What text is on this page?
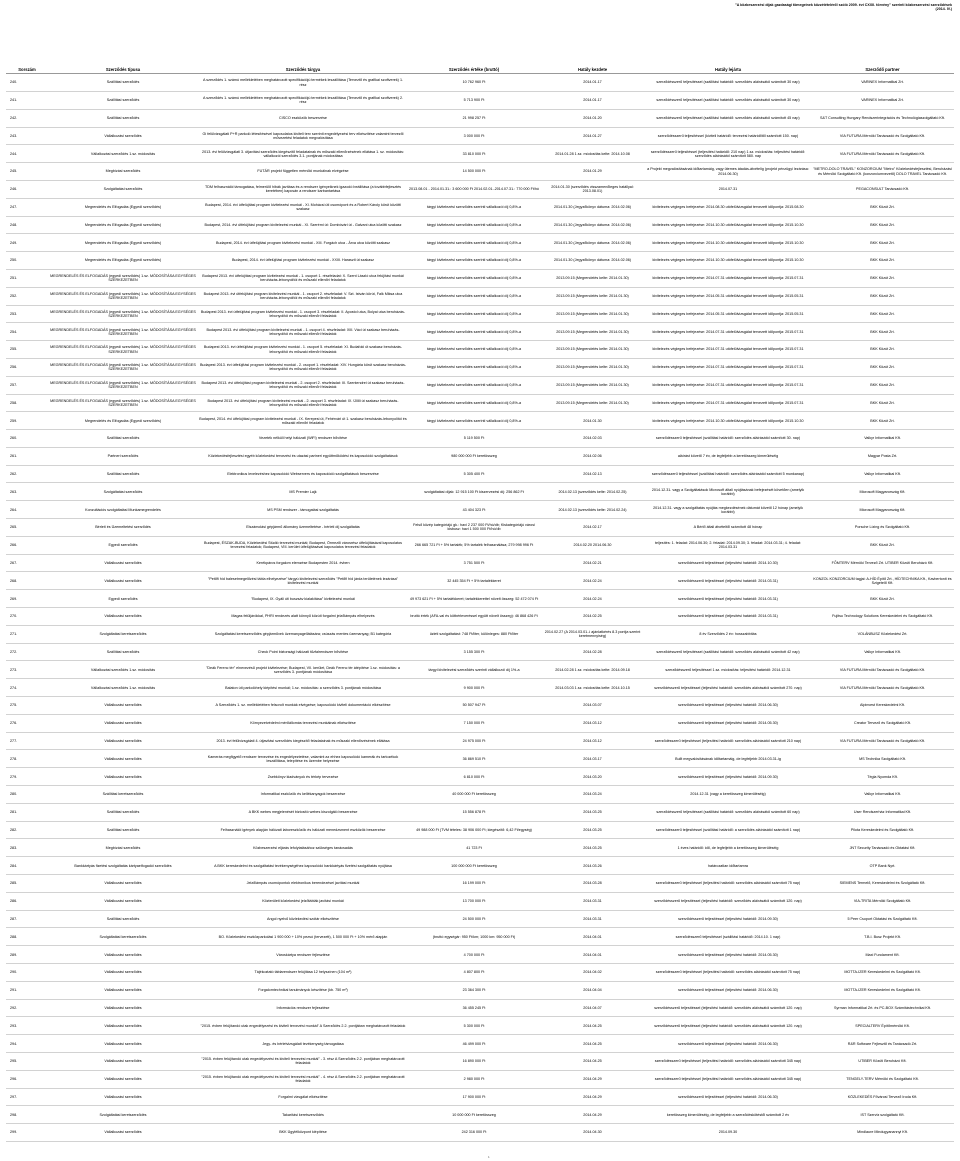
"A közbeszerzési díjak gazdasági tömegeinek közzétételéről szóló 2009. évi CXXII. törvény" szerinti közbeszerzési szerződések
(2014. IV.)
Sorszám	Szerződés típusa	Szerződés tárgya	Szerződés értéke (bruttó)	Hatály kezdete	Hatály lejárta	Szerződő partner
240.	Szállítási szerződés	A szerződés 1. számú mellékletében meghatározott specifikációjú termékek leszállítása (Terveztő és grafikai szoftverek) 1. rész	10 762 960 Ft	2014.01.17	szerződésszerű teljesítéssel (szállítási határidő: szerződés aláírásától számított 30 nap)	VARINEX Informatikai Zrt.
241.	Szállítási szerződés	A szerződés 1. számú mellékletében meghatározott specifikációjú termékek leszállítása (Terveztő és grafikai szoftverek) 2. rész	5 713 900 Ft	2014.01.17	szerződésszerű teljesítéssel (szállítási határidő: szerződés aláírásától számított 30 nap)	VARINEX Informatikai Zrt.
242.	Szállítási szerződés	CISCO eszközök beszerzése	21 998 257 Ft	2014.01.20	szerződésszerű teljesítéssel (szállítási határidő: szerződés aláírásától számított 45 nap)	S&T Consulting Hungary Rendszerintegrációs és Technológiaszolgáltató Kft.
243.	Vállalkozási szerződés	Gi felülvizsgálati P+R parkoló létesítésével kapcsolatos kiviteli terv szerinti engedélyezési terv elkészítése valamint tervezői művezetési feladatok megvalósítása	3 000 000 Ft	2014.01.27	szerződésszerű teljesítéssel (kiviteli határidő: tervezési határidőtől számított 150. nap)	VIA FUTURA Mérnöki Tanácsadó és Szolgáltató Kft.
244.	Vállalkozási szerződés 1.sz. módosítás	2013. évi felülvizsgálati 3. útjavítási szerződés kiegészítő feladatainak és műszaki ellenőrzésének ellátása 1. sz. módosítás: vállalkozói szerződés 3.1. pontjának módosítása	33 810 000 Ft	2014.01.28 1.sz. módosítás kelte: 2014.10.08	szerződésszerű teljesítéssel (teljesítési határidő: 210 nap) 1.sz. módosítás: teljesítési határidő: szerződés aláírásától számított 580. nap	VIA FUTURA Mérnöki Tanácsadó és Szolgáltató Kft.
245.	Megbízási szerződés	FUTÁR projekt független mérnöki munkáinak elvégzése	14 500 000 Ft	2014.01.29	a Projekt megvalósításának időtartamáig, vagy ütemes átadás-átvételig (projekt pénzügyi lezárása: 2014.06.30)	"METRO-DOLO TRAVEL" KONZORCIUM "Metro" Közlekedésfejlesztési, Beruházási és Mérnöki Szolgáltató Kft. (konzorciumvezető) DOLO TRAVEL Tanácsadó Kft.
246.	Szolgáltatási szerződés	TDM felhasználói támogatása, felmerülő hibák javítása és a rendszer igényeiknek igazodó beállítása (a továbbfejlesztés keretében) kapcsán a rendszer karbantartása	2013.08.01 - 2014.01.31.: 3 600 000 Ft 2014.02.01.-2014.07.31.: 770 000 Ft/hó	2014.01.30 (szerződés visszamenőleges hatállyal: 2013.08.01)	2014.07.31	PEGACONSULT Tanácsadó Kft.
247.	Megrendelés és Elfogadás (Egyedi szerződés)	Budapest, 2014. évi útfelújítási program kivitelezési munkái - XI. Mohácsi úti csomópont és a Robert Károly körút közötti szakasz	tárgyi kivitelezési szerződés szerinti vállalkozói díj 0,8%-a	2014.01.30 (Jegyzőkönyv dátuma: 2014.02.06)	kivitelezés végleges befejezése: 2014.08.30 utófelülvizsgálat tervezett időpontja: 2015.08.30	BKK Közút Zrt.
248.	Megrendelés és Elfogadás (Egyedi szerződés)	Budapest, 2014. évi útfelújítási program kivitelezési munkái - XI. Szerémi út: Dombóvári út - Galvani utca közötti szakasz	tárgyi kivitelezési szerződés szerinti vállalkozói díj 0,8%-a	2014.01.30 (Jegyzőkönyv dátuma: 2014.02.06)	kivitelezés végleges befejezése: 2014.10.30 utófelülvizsgálat tervezett időpontja: 2015.10.30	BKK Közút Zrt.
249.	Megrendelés és Elfogadás (Egyedi szerződés)	Budapest, 2014. évi útfelújítási program kivitelezési munkái - XIII. Forgách utca - Árva utca közötti szakasz	tárgyi kivitelezési szerződés szerinti vállalkozói díj 0,8%-a	2014.01.30 (Jegyzőkönyv dátuma: 2014.02.06)	kivitelezés végleges befejezése: 2014.10.30 utófelülvizsgálat tervezett időpontja: 2015.10.30	BKK Közút Zrt.
250.	Megrendelés és Elfogadás (Egyedi szerződés)	Budapest, 2014. évi útfelújítási program kivitelezési munkái - XXIII. Haraszti út szakasz	tárgyi kivitelezési szerződés szerinti vállalkozói díj 0,8%-a	2014.01.30 (Jegyzőkönyv dátuma: 2014.02.06)	kivitelezés végleges befejezése: 2014.10.30 utófelülvizsgálat tervezett időpontja: 2015.10.30	BKK Közút Zrt.
251.	MEGRENDELÉS ÉS ELFOGADÁS (egyedi szerződés) 1.sz. MÓDOSÍTÁSA EGYSÉGES SZERKEZETBEN	Budapest 2013. évi útfelújítási program kivitelezési munkái - 1. csoport 1. részfeladat: X. Szent László utca felújítási munkái beruházás-lebonyolítói és műszaki ellenőri feladatok	tárgyi kivitelezési szerződés szerinti vállalkozói díj 0,8%-a	2013.09.15 (Megrendelés kelte: 2014.01.30)	kivitelezés végleges befejezése: 2014.07.31 utófelülvizsgálat tervezett időpontja: 2015.07.31	BKK Közút Zrt.
252.	MEGRENDELÉS ÉS ELFOGADÁS (egyedi szerződés) 1.sz. MÓDOSÍTÁSA EGYSÉGES SZERKEZETBEN	Budapest 2013. évi útfelújítási program kivitelezési munkái - 1. csoport 2. részfeladat: V. Szt. István körút, Falk Miksa utca beruházás-lebonyolítói és műszaki ellenőri feladatok	tárgyi kivitelezési szerződés szerinti vállalkozói díj 0,8%-a	2013.09.15 (Megrendelés kelte: 2014.01.30)	kivitelezés végleges befejezése: 2014.05.31 utófelülvizsgálat tervezett időpontja: 2015.05.31	BKK Közút Zrt.
253.	MEGRENDELÉS ÉS ELFOGADÁS (egyedi szerződés) 1.sz. MÓDOSÍTÁSA EGYSÉGES SZERKEZETBEN	Budapest 2013. évi útfelújítási program kivitelezési munkái - 1. csoport 3. részfeladat: II. Apostol utca, Bolyai utca beruházás-lebonyolítói és műszaki ellenőri feladatok	tárgyi kivitelezési szerződés szerinti vállalkozói díj 0,8%-a	2013.09.15 (Megrendelés kelte: 2014.01.30)	kivitelezés végleges befejezése: 2014.05.31 utófelülvizsgálat tervezett időpontja: 2015.05.31	BKK Közút Zrt.
254.	MEGRENDELÉS ÉS ELFOGADÁS (egyedi szerződés) 1.sz. MÓDOSÍTÁSA EGYSÉGES SZERKEZETBEN	Budapest 2013. évi útfelújítási program kivitelezési munkái - 1. csoport 4. részfeladat: XIII. Váci út szakasz beruházás-lebonyolítói és műszaki ellenőri feladatok	tárgyi kivitelezési szerződés szerinti vállalkozói díj 0,8%-a	2013.09.15 (Megrendelés kelte: 2014.01.30)	kivitelezés végleges befejezése: 2014.07.31 utófelülvizsgálat tervezett időpontja: 2015.07.31	BKK Közút Zrt.
255.	MEGRENDELÉS ÉS ELFOGADÁS (egyedi szerződés) 1.sz. MÓDOSÍTÁSA EGYSÉGES SZERKEZETBEN	Budapest 2013. évi útfelújítási program kivitelezési munkái - 1. csoport 5. részfeladat: XI. Budafoki út szakasz beruházás-lebonyolítói és műszaki ellenőri feladatok	tárgyi kivitelezési szerződés szerinti vállalkozói díj 0,8%-a	2013.09.15 (Megrendelés kelte: 2014.01.30)	kivitelezés végleges befejezése: 2014.07.31 utófelülvizsgálat tervezett időpontja: 2015.07.31	BKK Közút Zrt.
256.	MEGRENDELÉS ÉS ELFOGADÁS (egyedi szerződés) 1.sz. MÓDOSÍTÁSA EGYSÉGES SZERKEZETBEN	Budapest 2013. évi útfelújítási program kivitelezési munkái - 2. csoport 1. részfeladat: XIV. Hungária körút szakasz beruházás-lebonyolítói és műszaki ellenőri feladatok	tárgyi kivitelezési szerződés szerinti vállalkozói díj 0,8%-a	2013.09.15 (Megrendelés kelte: 2014.01.30)	kivitelezés végleges befejezése: 2014.07.31 utófelülvizsgálat tervezett időpontja: 2015.07.31	BKK Közút Zrt.
257.	MEGRENDELÉS ÉS ELFOGADÁS (egyedi szerződés) 1.sz. MÓDOSÍTÁSA EGYSÉGES SZERKEZETBEN	Budapest 2013. évi útfelújítási program kivitelezési munkái - 2. csoport 2. részfeladat: III. Szentendrei út szakasz beruházás-lebonyolítói és műszaki ellenőri feladatok	tárgyi kivitelezési szerződés szerinti vállalkozói díj 0,8%-a	2013.09.15 (Megrendelés kelte: 2014.01.30)	kivitelezés végleges befejezése: 2014.07.31 utófelülvizsgálat tervezett időpontja: 2015.07.31	BKK Közút Zrt.
258.	MEGRENDELÉS ÉS ELFOGADÁS (egyedi szerződés) 1.sz. MÓDOSÍTÁSA EGYSÉGES SZERKEZETBEN	Budapest 2013. évi útfelújítási program kivitelezési munkái - 2. csoport 3. részfeladat: IX. Üllői út szakasz beruházás-lebonyolítói és műszaki ellenőri feladatok	tárgyi kivitelezési szerződés szerinti vállalkozói díj 0,8%-a	2013.09.15 (Megrendelés kelte: 2014.01.30)	kivitelezés végleges befejezése: 2014.07.31 utófelülvizsgálat tervezett időpontja: 2015.07.31	BKK Közút Zrt.
259.	Megrendelés és Elfogadás (Egyedi szerződés)	Budapest, 2014. évi útfelújítási program kivitelezési munkái - IX. Kerepesi út, Fehérvári út 1. szakasz beruházás-lebonyolítói és műszaki ellenőri feladatok	tárgyi kivitelezési szerződés szerinti vállalkozói díj 0,8%-a	2014.01.30	kivitelezés végleges befejezése: 2014.10.30 utófelülvizsgálat tervezett időpontja: 2015.10.30	BKK Közút Zrt.
260.	Szállítási szerződés	Vezeték nélküli helyi hálózati (WiFi) rendszer bővítése	5 119 500 Ft	2014.02.03	szerződésszerű teljesítéssel (szállítási határidő: szerződés aláírásától számított 30. nap)	Valkyr Informatikai Kft.
261.	Partneri szerződés	Közlekedésfejlesztési egyéb közlekedési tervezési és utazási partneri együttműködési és kapcsolódó szolgáltatások	980 000 000 Ft keretösszeg	2014.02.06	aláírást követő 7 év, de legfeljebb a keretösszeg kimerüléséig	Magyar Posta Zrt.
262.	Szállítási szerződés	Elektronikus levelezéshez kapcsolódó Webservers és kapcsolódó szolgáltatások beszerzése	5 305 400 Ft	2014.02.13	szerződésszerű teljesítéssel (szállítási határidő: szerződés aláírásától számított 5 munkanap)	Valkyr Informatikai Kft.
263.	Szolgáltatási szerződés	MS Premier Lajk	szolgáltatási díjak: 12 915 100 Ft kiszervezési díj: 256 862 Ft	2014.02.13 (szerződés kelte: 2014.02.25)	2014.12.31. vagy a Szolgáltatások Microsoft általi nyújtásának befejezését követően (amelyik korábbi)	Microsoft Magyarország Kft.
264.	Konzultációs szolgáltatási Munkamegrendelés	MS PSM rendszer - támogatási szolgáltatás	43 404 323 Ft	2014.02.13 (szerződés kelte: 2014.02.24)	2014.12.31. vagy a szolgáltatás nyújtás megkezdésének dátumát követő 12 hónap (amelyik korábbi)	Microsoft Magyarország Kft.
265.	Bérleti és Üzemeltetési szerződés	Elszámolási gépjármű állomány üzemeltetése - bérleti díj szolgáltatás	Felső közép kategóriájú gk.: havi 2 237 000 Ft/hó/db; Kiskategóriájú városi kisbusz: havi 1 500 000 Ft/hó/db	2014.02.17	A Bérlő általi átvételtől számított 48 hónap	Porsche Lízing és Szolgáltató Kft.
266.	Egyedi szerződés	Budapest, ÉSZAK-BUDA, Közlekedési Stúdió tervezési munkái; Budapest, Örmezői városrész útfelújításával kapcsolatos tervezési feladatok; Budapest, VIII. kerület útfelújításával kapcsolatos tervezési feladatok	266 665 721 Ft + 5% tartalék; 5% tartalék felhasználása; 279 998 996 Ft	2014.02.20 2014.06.30	teljesítés: 1. feladat: 2014.06.30; 2. feladat: 2014.09.30; 3. feladat: 2014.03.31; 4. feladat: 2014.03.31	BKK Közút Zrt.
267.	Vállalkozási szerződés	Kerékpáros forgalom elemzése Budapesten 2014. évben	3 751 500 Ft	2014.02.21	szerződésszerű teljesítéssel (teljesítési határidő: 2014.10.30)	FŐMTERV Mérnöki Tervező Zrt. UTIBER Közúti Beruházó Kft.
268.	Vállalkozási szerződés	"Petőfi híd balesetmegelőzési tábla elhelyezése" tárgyú kivitelezési szerződés "Petőfi híd járda területének lezárása" kivitelezési munkái	32 445 354 Ft + 5% tartalékkeret	2014.02.24	szerződésszerű teljesítéssel (teljesítési határidő: 2014.03.31)	KONZOL KONZORCIUM tagjai: A-HÍD Építő Zrt., HÍDTECHNIKA Kft., Kavbertonit és Szigetelő Kft.
269.	Egyedi szerződés	"Budapest, IX. Gyáli úti buszsáv kialakítása" kivitelezési munkái	49 973 621 Ft + 5% tartalékkeret; tartalékkerettel növelt összeg: 52 472 074 Ft	2014.02.24	szerződésszerű teljesítéssel (teljesítési határidő: 2014.03.31)	BKK Közút Zrt.
270.	Vállalkozási szerződés	Magas felüljárókkal, PHRI rendezés alatt könnyű közúti forgalmi jelzőlámpás elhelyezés	bruttó érték (AFA-val és kötbérleveréssel együtt növelt összeg): 46 868 426 Ft	2014.02.25	szerződésszerű teljesítéssel (teljesítési határidő: 2014.03.31)	Fujitsu Technology Solutions Kereskedelmi és Szolgáltató Kft.
271.	Szolgáltatási keretszerződés	Szolgáltatási keretszerződés gépjárművek üzemanyagellátására; csúszás mentes üzemanyag; B1 kategória	üzleti szolgáltatást: 748 Ft/liter, különleges: 880 Ft/liter	2014.02.27 (A 2014.03.01.-i ajánlatkérés 8.3 pontja szerint keretmennyiség)	8 év Szerződés 2 év: hosszabbítás	VOLÁNBUSZ Közlekedési Zrt.
272.	Szállítási szerződés	Check Point biztonsági hálózati tűzfalrendszer bővítése	3 155 300 Ft	2014.02.28	szerződésszerű teljesítéssel (szállítási határidő: szerződés aláírásától számított 42 nap)	Valkyr Informatikai Kft.
273.	Vállalkozási szerződés 1.sz. módosítás	"Deák Ferenc tér" elnevezésű projekt kivitelezése; Budapest, VII. kerület, Deák Ferenc tér átépítése 1.sz. módosítás: a szerződés 3. pontjának módosítása	tárgyi kivitelezési szerződés szerinti vállalkozói díj 1%-a	2014.02.28 1.sz. módosítás kelte: 2014.09.18	szerződésszerű teljesítéssel 1.sz. módosítás: teljesítési határidő: 2014.12.31	VIA FUTURA Mérnöki Tanácsadó és Szolgáltató Kft.
274.	Vállalkozási szerződés 1.sz. módosítás	Balaton úti parkolóhely kiépítési munkái; 1.sz. módosítás: a szerződés 3. pontjának módosítása	9 900 000 Ft	2014.03.03 1.sz. módosítás kelte: 2014.10.15	szerződésszerű teljesítéssel (teljesítési határidő: szerződés aláírásától számított 270. nap)	VIA FUTURA Mérnöki Tanácsadó és Szolgáltató Kft.
275.	Vállalkozási szerződés	A Szerződés 1. sz. mellékletében felsorolt munkák elvégzése; kapcsolódó kiviteli dokumentáció elkészítése	50 507 947 Ft	2014.03.07	szerződésszerű teljesítéssel (teljesítési határidő: 2014.06.30)	Alpinvest Kereskedelmi Kft.
276.	Vállalkozási szerződés	Környezetvédelmi mérőállomás tervezési munkáinak elkészítése	7 150 000 Ft	2014.03.12	szerződésszerű teljesítéssel (teljesítési határidő: 2014.05.30)	Creator Tervező és Szolgáltató Kft.
277.	Vállalkozási szerződés	2013. évi felülvizsgálati 4. útjavítási szerződés kiegészítő feladatainak és műszaki ellenőrzésének ellátása	24 975 000 Ft	2014.03.12	szerződésszerű teljesítéssel (teljesítési határidő: szerződés aláírásától számított 210 nap)	VIA FUTURA Mérnöki Tanácsadó és Szolgáltató Kft.
278.	Vállalkozási szerződés	Kamerás megfigyelő rendszer tervezése és engedélyeztetése, valamint az ehhez kapcsolódó kamerák és tartozékok leszállítása, telepítése és üzembe helyezése	36 869 510 Ft	2014.03.17	Bullt megvalósításának időtartamáig, de legfeljebb 2014.03.31-ig	MS Technika Szolgáltató Kft.
279.	Vállalkozási szerződés	Zsebkönyv kiadványok és térkép tervezése	6 810 000 Ft	2014.03.20	szerződésszerű teljesítéssel (teljesítési határidő: 2014.09.30)	Tégla Nyomda Kft.
280.	Szállítási keretszerződés	Informatikai eszközök és kellékanyagok beszerzése	40 000 000 Ft keretösszeg	2014.03.24	2014.12.31 (vagy a keretösszeg kimerüléséig)	Valkyr Informatikai Kft.
281.	Szállítási szerződés	A BKK webes megjelenését biztosító webes kiszolgáló beszerzése	15 556 878 Ft	2014.03.25	szerződésszerű teljesítéssel (szállítási határidő: szerződés aláírásától számított 60 nap)	User Rendszerház Informatikai Kft.
282.	Szállítási szerződés	Felhasználói igények alapján hálózati laboreszközök és hálózati menedzsment eszközök beszerzése	49 988 000 Ft (TVM tételes: 38 906 000 Ft; kiegészítő: 6,42 Ft/egység)	2014.03.25	szerződésszerű teljesítéssel (szállítási határidő: a szerződés aláírásától számított 1 nap)	Pilota Kereskedelmi és Szolgáltató Kft.
283.	Megbízási szerződés	Közbeszerzési eljárás lefolytatásához szükséges tanácsadás	41 723 Ft	2014.03.25	1 éves határidő: idő, de legfeljebb a keretösszeg kimerüléséig	JNT Security Tanácsadó és Oktatási Kft.
284.	Bankkártyás fizetési szolgáltatás kártyaelfogadói szerződés	A BKK kereskedelmi és szolgáltatási tevékenységéhez kapcsolódó bankkártyás fizetési szolgáltatás nyújtása	100 000 000 Ft keretösszeg	2014.03.26	határozatlan időtartamra	OTP Bank Nyrt.
285.	Vállalkozási szerződés	Jelzőlámpás csomópontok elektronikus berendezései javítási munkái	16 199 000 Ft	2014.03.28	szerződésszerű teljesítéssel (teljesítési határidő: szerződés aláírásától számított 75 nap)	SIEMENS Termelő, Kereskedelmi és Szolgáltató Kft.
286.	Vállalkozási szerződés	Közterületi közlekedési jelzőtáblák javítási munkái	13 700 000 Ft	2014.03.31	szerződésszerű teljesítéssel (teljesítési határidő: szerződés aláírásától számított 120. nap)	VIA-TRITA Mérnöki Szolgáltató Kft.
287.	Szállítási szerződés	Angol nyelvű közlekedési szótár elkészítése	24 500 000 Ft	2014.03.31	szerződésszerű teljesítéssel (teljesítési határidő: 2014.09.30)	5 Peer Csoport Oktatási és Szolgáltató Kft.
288.	Szolgáltatási keretszerződés	BO. Közlekedési eszközparkolási 1 900 000 + 10% pezsó (tervezett), 1 500 000 Ft + 10% mérő alapján	(bruttó egységár: 950 Ft/km; 1000 km: 950 000 Ft)	2014.04.01	szerződésszerű teljesítéssel (szállítási határidő: 2014.10. 1 nap)	T.B.I. Busz Projekt Kft.
289.	Vállalkozási szerződés	Városkártya rendszer fejlesztése	4 700 000 Ft	2014.04.01	szerződésszerű teljesítéssel (teljesítési határidő: 2014.05.30)	Maxi Fundament Kft.
290.	Vállalkozási szerződés	Tájékoztató táblarendszer felújítása 12 helyszínen (104 m²)	4 807 800 Ft	2014.04.02	szerződésszerű teljesítéssel (teljesítési határidő: szerződés aláírásától számított 75 nap)	MOTTA-IZER Kereskedelmi és Szolgáltató Kft.
291.	Vállalkozási szerződés	Forgalomtechnikai tanulmányok készítése (kb. 750 m²)	23 364 300 Ft	2014.04.04	szerződésszerű teljesítéssel (teljesítési határidő: 2014.06.30)	MOTTA-IZER Kereskedelmi és Szolgáltató Kft.
292.	Vállalkozási szerződés	Információs rendszer fejlesztése	36 455 245 Ft	2014.04.07	szerződésszerű teljesítéssel (teljesítési határidő: szerződés aláírásától számított 120. nap)	Syrman Informatikai Zrt. és PC-BOX Számítástechnikai Kft.
293.	Vállalkozási szerződés	"2015. évben felújítandó utak engedélyezési és kiviteli tervezési munkái" A Szerződés 2.2. pontjában meghatározott feladatok	5 300 000 Ft	2014.04.25	szerződésszerű teljesítéssel (teljesítési határidő: szerződés aláírásától számított 120. nap)	SPECIALTERV Építőmérnöki Kft.
294.	Vállalkozási szerződés	Jegy- és bérletvizsgálati tevékenység támogatása	46 499 000 Ft	2014.04.25	szerződésszerű teljesítéssel (teljesítési határidő: 2014.06.30)	R&R Software Fejlesztő és Tanácsadó Zrt.
295.	Vállalkozási szerződés	"2015. évben felújítandó utak engedélyezési és kiviteli tervezési munkái" - 3. rész A Szerződés 2.2. pontjában meghatározott feladatok	16 890 000 Ft	2014.04.25	szerződésszerű teljesítéssel (teljesítési határidő: szerződés aláírásától számított 345 nap)	UTIBER Közúti Beruházó Kft.
296.	Vállalkozási szerződés	"2015. évben felújítandó utak engedélyezési és kiviteli tervezési munkái" - 4. rész A Szerződés 2.2. pontjában meghatározott feladatok	2 980 000 Ft	2014.04.29	szerződésszerű teljesítéssel (teljesítési határidő: szerződés aláírásától számított 345 nap)	TENGELY-TERV Mérnöki és Szolgáltató Kft.
297.	Vállalkozási szerződés	Forgalmi vizsgálat elkészítése	17 900 000 Ft	2014.04.29	szerződésszerű teljesítéssel (teljesítési határidő: 2014.06.30)	KÖZLEKEDÉS Fővárosi Tervező Iroda Kft.
298.	Szolgáltatási keretszerződés	Takarítási keretszerződés	10 000 000 Ft keretösszeg	2014.04.29	keretösszeg kimerüléséig, de legfeljebb a szerződéskötéstől számított 2 év	IST Szerviz szolgáltató Kft.
299.	Vállalkozási szerződés	BKK Ügyfélközpont kiépítése	242 316 000 Ft	2014.04.30	2014.09.30	Mindlaure Mindugyanannyi Kft.
1
